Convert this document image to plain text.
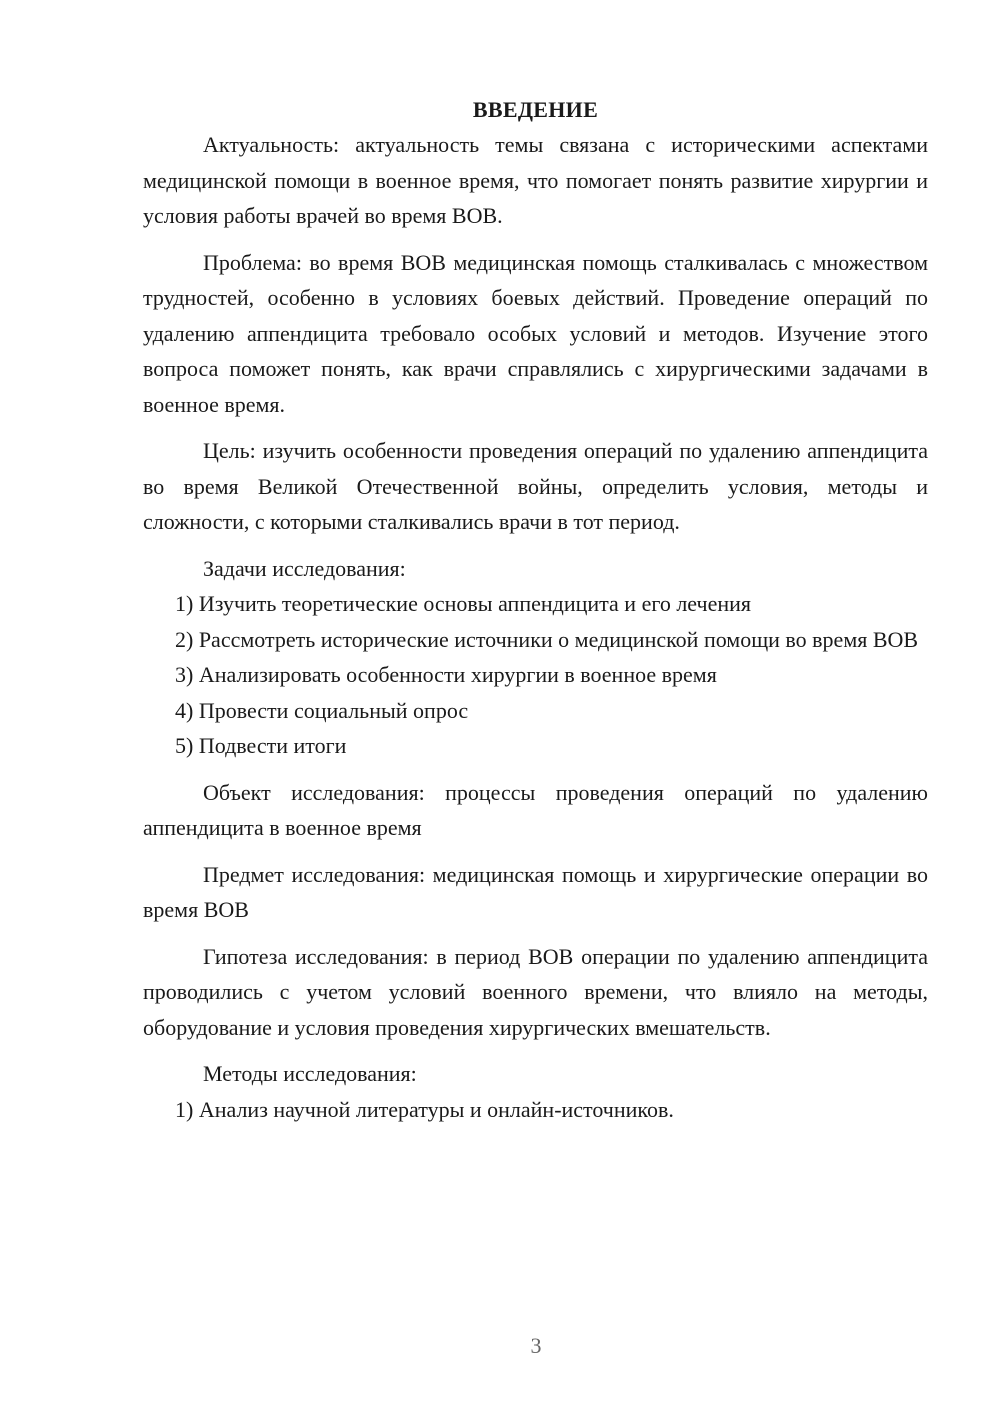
ВВЕДЕНИЕ

Актуальность: актуальность темы связана с историческими аспектами медицинской помощи в военное время, что помогает понять развитие хирургии и условия работы врачей во время ВОВ.

Проблема: во время ВОВ медицинская помощь сталкивалась с множеством трудностей, особенно в условиях боевых действий. Проведение операций по удалению аппендицита требовало особых условий и методов. Изучение этого вопроса поможет понять, как врачи справлялись с хирургическими задачами в военное время.

Цель: изучить особенности проведения операций по удалению аппендицита во время Великой Отечественной войны, определить условия, методы и сложности, с которыми сталкивались врачи в тот период.

Задачи исследования:

1) Изучить теоретические основы аппендицита и его лечения

2) Рассмотреть исторические источники о медицинской помощи во время ВОВ

3) Анализировать особенности хирургии в военное время

4) Провести социальный опрос

5) Подвести итоги

Объект исследования: процессы проведения операций по удалению аппендицита в военное время

Предмет исследования: медицинская помощь и хирургические операции во время ВОВ

Гипотеза исследования: в период ВОВ операции по удалению аппендицита проводились с учетом условий военного времени, что влияло на методы, оборудование и условия проведения хирургических вмешательств.

Методы исследования:

1) Анализ научной литературы и онлайн-источников.

3
